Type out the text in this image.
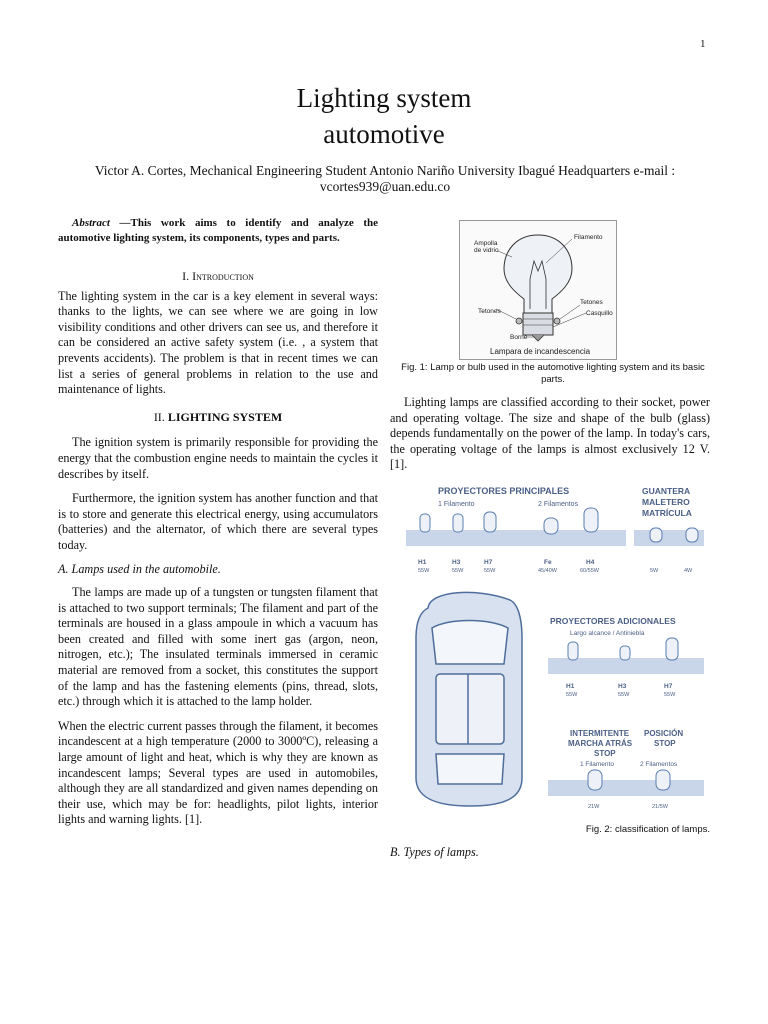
1
Lighting system
automotive
Victor A. Cortes, Mechanical Engineering Student Antonio Nariño University Ibagué Headquarters e-mail : vcortes939@uan.edu.co

Abstract —This work aims to identify and analyze the automotive lighting system, its components, types and parts.

I. Introduction

The lighting system in the car is a key element in several ways: thanks to the lights, we can see where we are going in low visibility conditions and other drivers can see us, and therefore it can be considered an active safety system (i.e. , a system that prevents accidents). The problem is that in recent times we can list a series of general problems in relation to the use and maintenance of lights.

II. LIGHTING SYSTEM

The ignition system is primarily responsible for providing the energy that the combustion engine needs to maintain the cycles it describes by itself.

Furthermore, the ignition system has another function and that is to store and generate this electrical energy, using accumulators (batteries) and the alternator, of which there are several types today.

A. Lamps used in the automobile.

The lamps are made up of a tungsten or tungsten filament that is attached to two support terminals; The filament and part of the terminals are housed in a glass ampoule in which a vacuum has been created and filled with some inert gas (argon, neon, nitrogen, etc.); The insulated terminals immersed in ceramic material are removed from a socket, this constitutes the support of the lamp and has the fastening elements (pins, thread, slots, etc.) through which it is attached to the lamp holder.

When the electric current passes through the filament, it becomes incandescent at a high temperature (2000 to 3000ºC), releasing a large amount of light and heat, which is why they are known as incandescent lamps; Several types are used in automobiles, although they are all standardized and given names depending on their use, which may be for: headlights, pilot lights, interior lights and warning lights. [1].

Ampolla
de vidrio
Filamento
Tetones
Tetones
Casquillo
Borne
Lampara de incandescencia
Fig. 1: Lamp or bulb used in the automotive lighting system and its basic parts.

Lighting lamps are classified according to their socket, power and operating voltage. The size and shape of the bulb (glass) depends fundamentally on the power of the lamp. In today's cars, the operating voltage of the lamps is almost exclusively 12 V. [1].

PROYECTORES PRINCIPALES
1 Filamento	2 Filamentos
GUANTERA
MALETERO
MATRÍCULA
H1
55W
H3
55W
H7
55W
Fe
45/40W
H4
60/55W	5W	4W
PROYECTORES ADICIONALES
Largo alcance / Antiniebla
H1
55W
H3
55W
H7
55W
INTERMITENTE
MARCHA ATRÁS
STOP
1 Filamento
POSICIÓN
STOP
2 Filamentos
21W	21/5W
Fig. 2: classification of lamps.
B. Types of lamps.
